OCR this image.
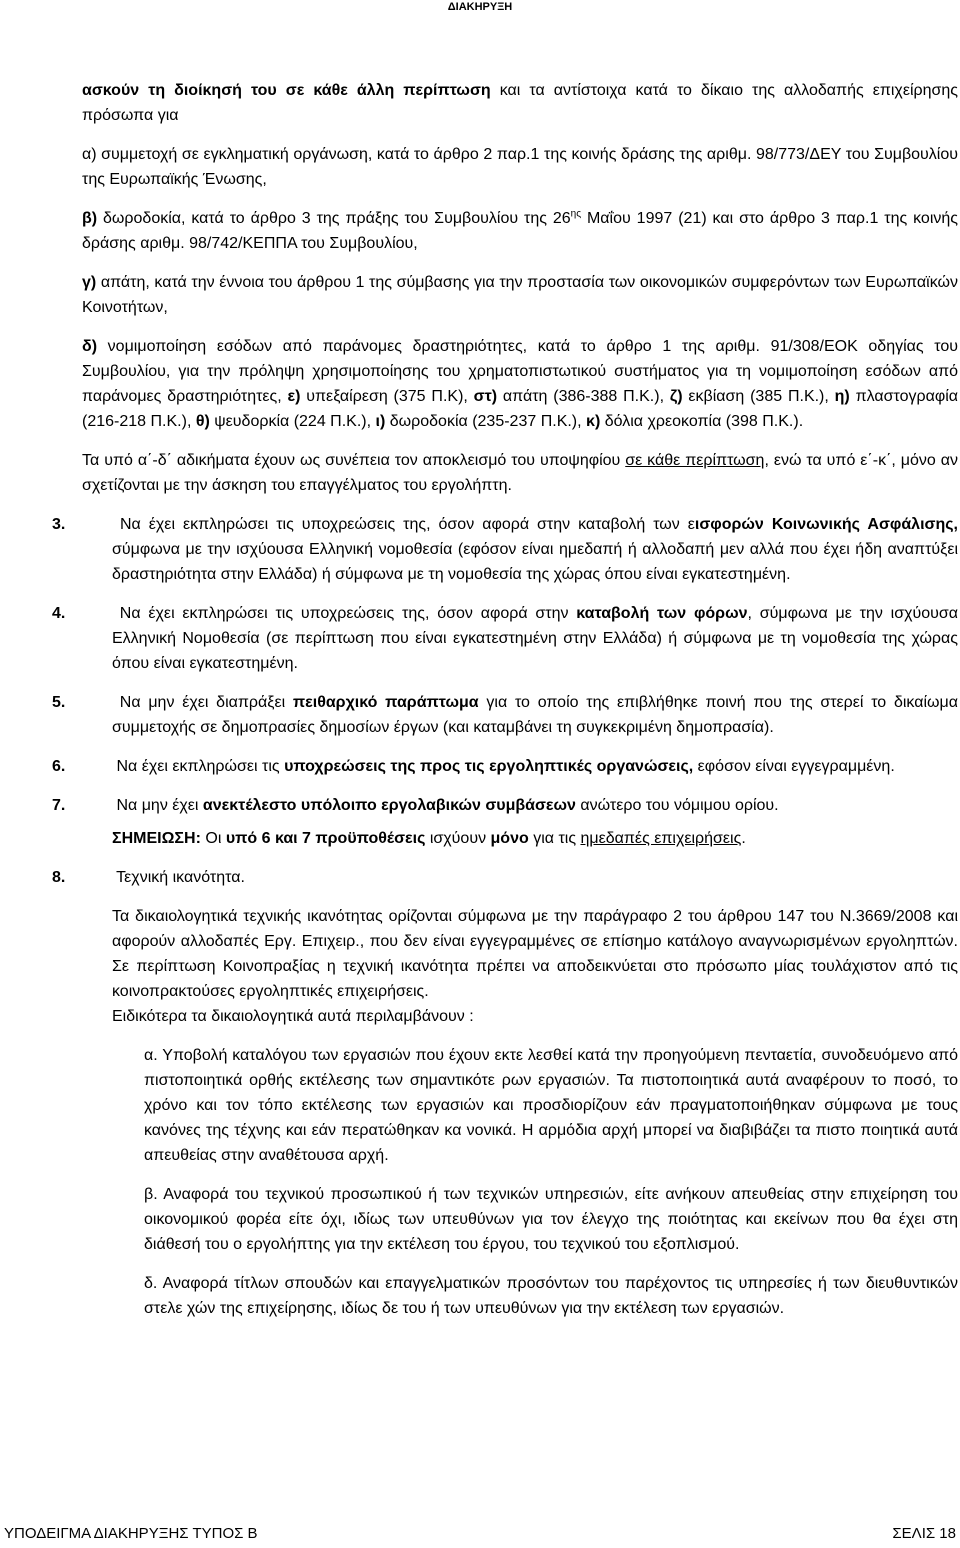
ΔΙΑΚΗΡΥΞΗ

ασκούν τη διοίκησή του σε κάθε άλλη περίπτωση και τα αντίστοιχα κατά το δίκαιο της αλλοδαπής επιχείρησης πρόσωπα για

α) συμμετοχή σε εγκληματική οργάνωση, κατά το άρθρο 2 παρ.1 της κοινής δράσης της αριθμ. 98/773/ΔΕΥ του Συμβουλίου της Ευρωπαϊκής Ένωσης,

β) δωροδοκία, κατά το άρθρο 3 της πράξης του Συμβουλίου της $26^{\eta\varsigma}$ Μαΐου 1997 (21) και στο άρθρο 3 παρ.1 της κοινής δράσης αριθμ. 98/742/ΚΕΠΠΑ του Συμβουλίου,

γ) απάτη, κατά την έννοια του άρθρου 1 της σύμβασης για την προστασία των οικονομικών συμφερόντων των Ευρωπαϊκών Κοινοτήτων,

δ) νομιμοποίηση εσόδων από παράνομες δραστηριότητες, κατά το άρθρο 1 της αριθμ. 91/308/ΕΟΚ οδηγίας του Συμβουλίου, για την πρόληψη χρησιμοποίησης του χρηματοπιστωτικού συστήματος για τη νομιμοποίηση εσόδων από παράνομες δραστηριότητες, ε) υπεξαίρεση (375 Π.Κ), στ) απάτη (386-388 Π.Κ.), ζ) εκβίαση (385 Π.Κ.), η) πλαστογραφία (216-218 Π.Κ.), θ) ψευδορκία (224 Π.Κ.), ι) δωροδοκία (235-237 Π.Κ.), κ) δόλια χρεοκοπία (398 Π.Κ.).

Τα υπό α΄-δ΄ αδικήματα έχουν ως συνέπεια τον αποκλεισμό του υποψηφίου σε κάθε περίπτωση, ενώ τα υπό ε΄-κ΄, μόνο αν σχετίζονται με την άσκηση του επαγγέλματος του εργολήπτη.

3.	Να έχει εκπληρώσει τις υποχρεώσεις της, όσον αφορά στην καταβολή των εισφορών Κοινωνικής Ασφάλισης, σύμφωνα με την ισχύουσα Ελληνική νομοθεσία (εφόσον είναι ημεδαπή ή αλλοδαπή μεν αλλά που έχει ήδη αναπτύξει δραστηριότητα στην Ελλάδα) ή σύμφωνα με τη νομοθεσία της χώρας όπου είναι εγκατεστημένη.

4.	Να έχει εκπληρώσει τις υποχρεώσεις της, όσον αφορά στην καταβολή των φόρων, σύμφωνα με την ισχύουσα Ελληνική Νομοθεσία (σε περίπτωση που είναι εγκατεστημένη στην Ελλάδα) ή σύμφωνα με τη νομοθεσία της χώρας όπου είναι εγκατεστημένη.

5.	Να μην έχει διαπράξει πειθαρχικό παράπτωμα για το οποίο της επιβλήθηκε ποινή που της στερεί το δικαίωμα συμμετοχής σε δημοπρασίες δημοσίων έργων (και καταμβάνει τη συγκεκριμένη δημοπρασία).

6.	Να έχει εκπληρώσει τις υποχρεώσεις της προς τις εργοληπτικές οργανώσεις, εφόσον είναι εγγεγραμμένη.

7.	Να μην έχει ανεκτέλεστο υπόλοιπο εργολαβικών συμβάσεων ανώτερο του νόμιμου ορίου.

ΣΗΜΕΙΩΣΗ: Οι υπό 6 και 7 προϋποθέσεις ισχύουν μόνο για τις ημεδαπές επιχειρήσεις.

8.	Τεχνική ικανότητα.

Τα δικαιολογητικά τεχνικής ικανότητας ορίζονται σύμφωνα με την παράγραφο 2 του άρθρου 147 του Ν.3669/2008 και αφορούν αλλοδαπές Εργ. Επιχειρ., που δεν είναι εγγεγραμμένες σε επίσημο κατάλογο αναγνωρισμένων εργοληπτών. Σε περίπτωση Κοινοπραξίας η τεχνική ικανότητα πρέπει να αποδεικνύεται στο πρόσωπο μίας τουλάχιστον από τις κοινοπρακτούσες εργοληπτικές επιχειρήσεις.

Ειδικότερα τα δικαιολογητικά αυτά περιλαμβάνουν :

α. Υποβολή καταλόγου των εργασιών που έχουν εκτε λεσθεί κατά την προηγούμενη πενταετία, συνοδευόμενο από πιστοποιητικά ορθής εκτέλεσης των σημαντικότε ρων εργασιών. Τα πιστοποιητικά αυτά αναφέρουν το ποσό, το χρόνο και τον τόπο εκτέλεσης των εργασιών και προσδιορίζουν εάν πραγματοποιήθηκαν σύμφωνα με τους κανόνες της τέχνης και εάν περατώθηκαν κα νονικά. Η αρμόδια αρχή μπορεί να διαβιβάζει τα πιστο ποιητικά αυτά απευθείας στην αναθέτουσα αρχή.

β. Αναφορά του τεχνικού προσωπικού ή των τεχνικών υπηρεσιών, είτε ανήκουν απευθείας στην επιχείρηση του οικονομικού φορέα είτε όχι, ιδίως των υπευθύνων για τον έλεγχο της ποιότητας και εκείνων που θα έχει στη διάθεσή του ο εργολήπτης για την εκτέλεση του έργου, του τεχνικού του εξοπλισμού.

δ. Αναφορά τίτλων σπουδών και επαγγελματικών προσόντων του παρέχοντος τις υπηρεσίες ή των διευθυντικών στελε χών της επιχείρησης, ιδίως δε του ή των υπευθύνων για την εκτέλεση των εργασιών.

ΥΠΟΔΕΙΓΜΑ ΔΙΑΚΗΡΥΞΗΣ ΤΥΠΟΣ Β	ΣΕΛΙΣ 18
